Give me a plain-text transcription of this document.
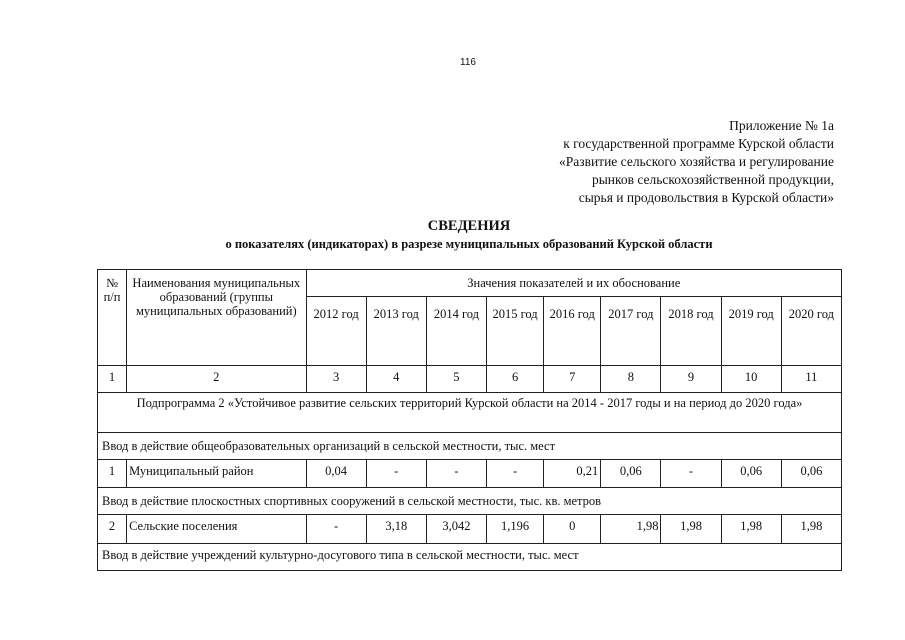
116
Приложение № 1а
к государственной программе Курской области
«Развитие сельского хозяйства и регулирование
рынков сельскохозяйственной продукции,
сырья и продовольствия в Курской области»
СВЕДЕНИЯ
о показателях (индикаторах) в разрезе муниципальных образований Курской области
№ п/п	Наименования муниципальных образований (группы муниципальных образований)	Значения показателей и их обоснование								
		2012 год	2013 год	2014 год	2015 год	2016 год	2017 год	2018 год	2019 год	2020 год
1	2	3	4	5	6	7	8	9	10	11
Подпрограмма 2 «Устойчивое развитие сельских территорий Курской области на 2014 - 2017 годы и на период до 2020 года»										
Ввод в действие общеобразовательных организаций в сельской местности, тыс. мест										
1	Муниципальный район	0,04	-	-	-	0,21	0,06	-	0,06	0,06
Ввод в действие плоскостных спортивных сооружений в сельской местности, тыс. кв. метров										
2	Сельские поселения	-	3,18	3,042	1,196	0	1,98	1,98	1,98	1,98
Ввод в действие учреждений культурно-досугового типа в сельской местности, тыс. мест										
